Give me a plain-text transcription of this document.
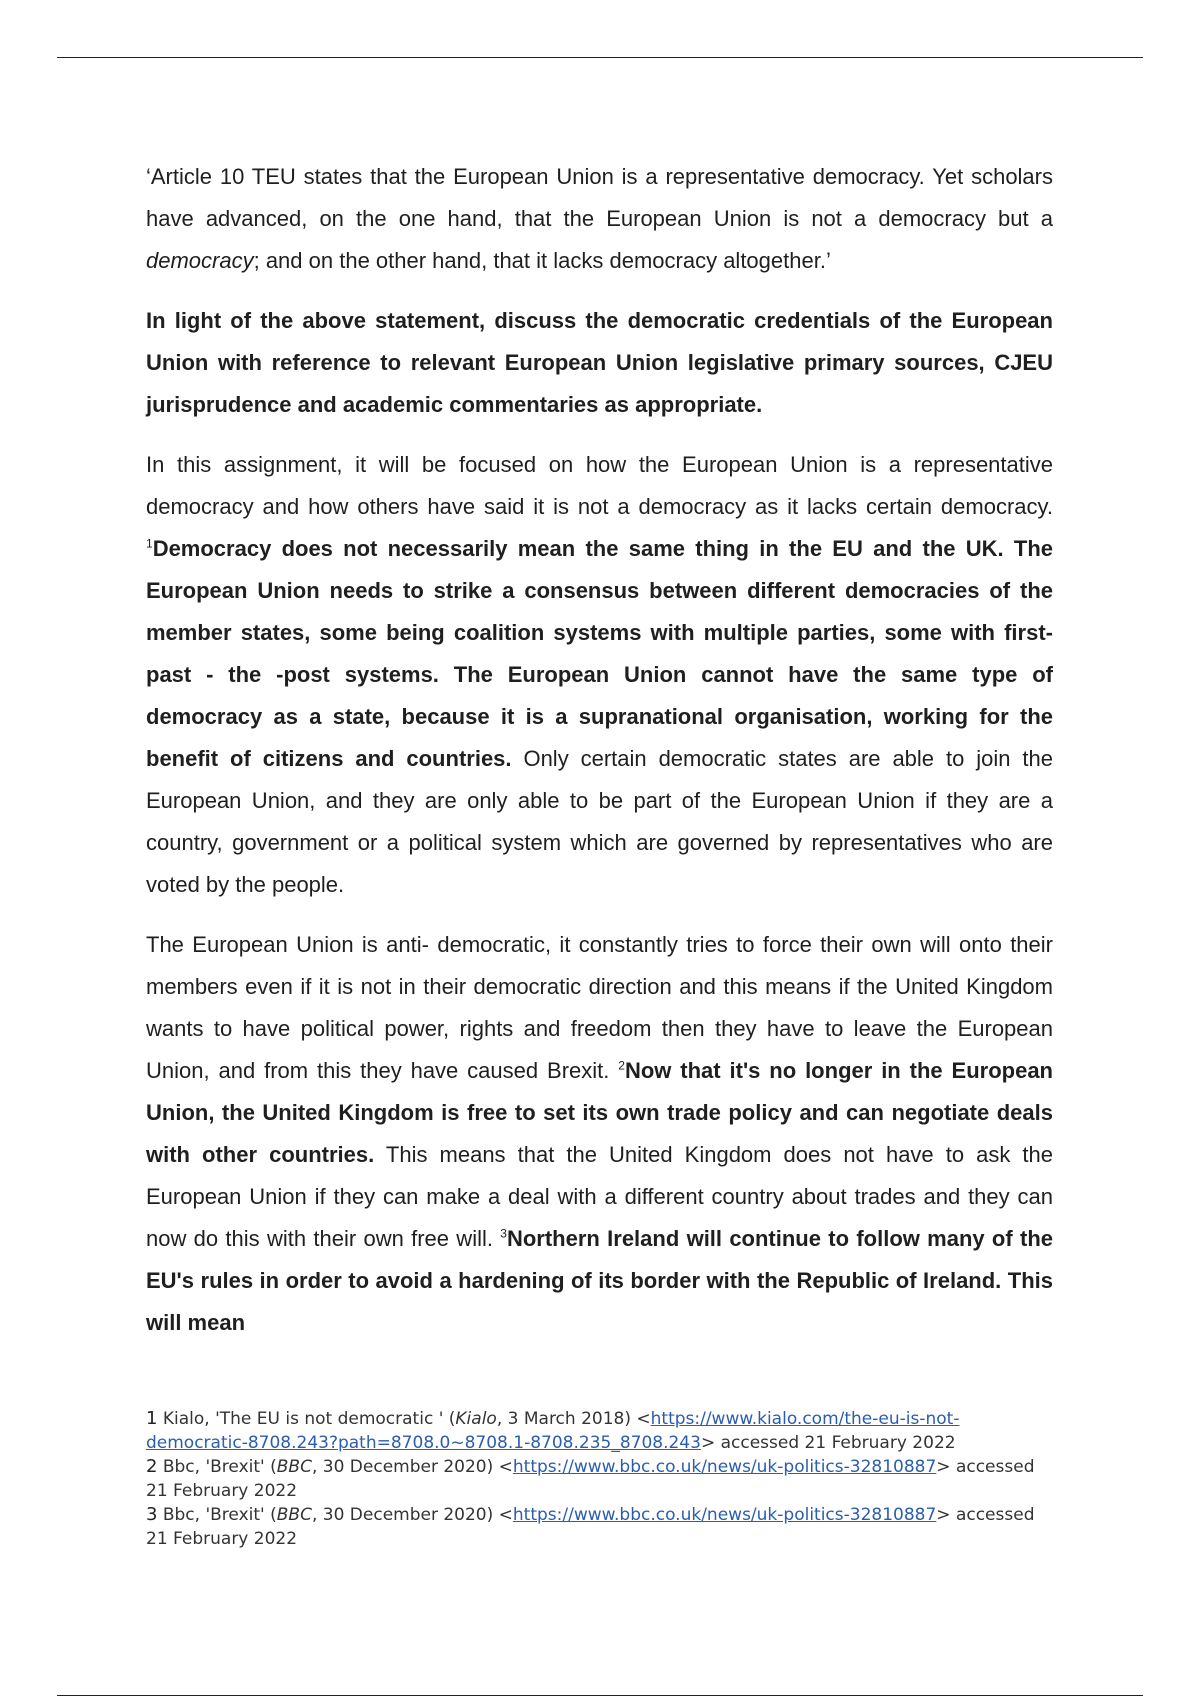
‘Article 10 TEU states that the European Union is a representative democracy. Yet scholars have advanced, on the one hand, that the European Union is not a democracy but a democracy; and on the other hand, that it lacks democracy altogether.’

In light of the above statement, discuss the democratic credentials of the European Union with reference to relevant European Union legislative primary sources, CJEU jurisprudence and academic commentaries as appropriate.

In this assignment, it will be focused on how the European Union is a representative democracy and how others have said it is not a democracy as it lacks certain democracy. $^1$Democracy does not necessarily mean the same thing in the EU and the UK. The European Union needs to strike a consensus between different democracies of the member states, some being coalition systems with multiple parties, some with first- past - the -post systems. The European Union cannot have the same type of democracy as a state, because it is a supranational organisation, working for the benefit of citizens and countries. Only certain democratic states are able to join the European Union, and they are only able to be part of the European Union if they are a country, government or a political system which are governed by representatives who are voted by the people.

The European Union is anti- democratic, it constantly tries to force their own will onto their members even if it is not in their democratic direction and this means if the United Kingdom wants to have political power, rights and freedom then they have to leave the European Union, and from this they have caused Brexit. $^2$Now that it's no longer in the European Union, the United Kingdom is free to set its own trade policy and can negotiate deals with other countries. This means that the United Kingdom does not have to ask the European Union if they can make a deal with a different country about trades and they can now do this with their own free will. $^3$Northern Ireland will continue to follow many of the EU's rules in order to avoid a hardening of its border with the Republic of Ireland. This will mean

1 Kialo, 'The EU is not democratic ' (Kialo, 3 March 2018) <https://www.kialo.com/the-eu-is-not-democratic-8708.243?path=8708.0~8708.1-8708.235_8708.243> accessed 21 February 2022

2 Bbc, 'Brexit' (BBC, 30 December 2020) <https://www.bbc.co.uk/news/uk-politics-32810887> accessed 21 February 2022

3 Bbc, 'Brexit' (BBC, 30 December 2020) <https://www.bbc.co.uk/news/uk-politics-32810887> accessed 21 February 2022
